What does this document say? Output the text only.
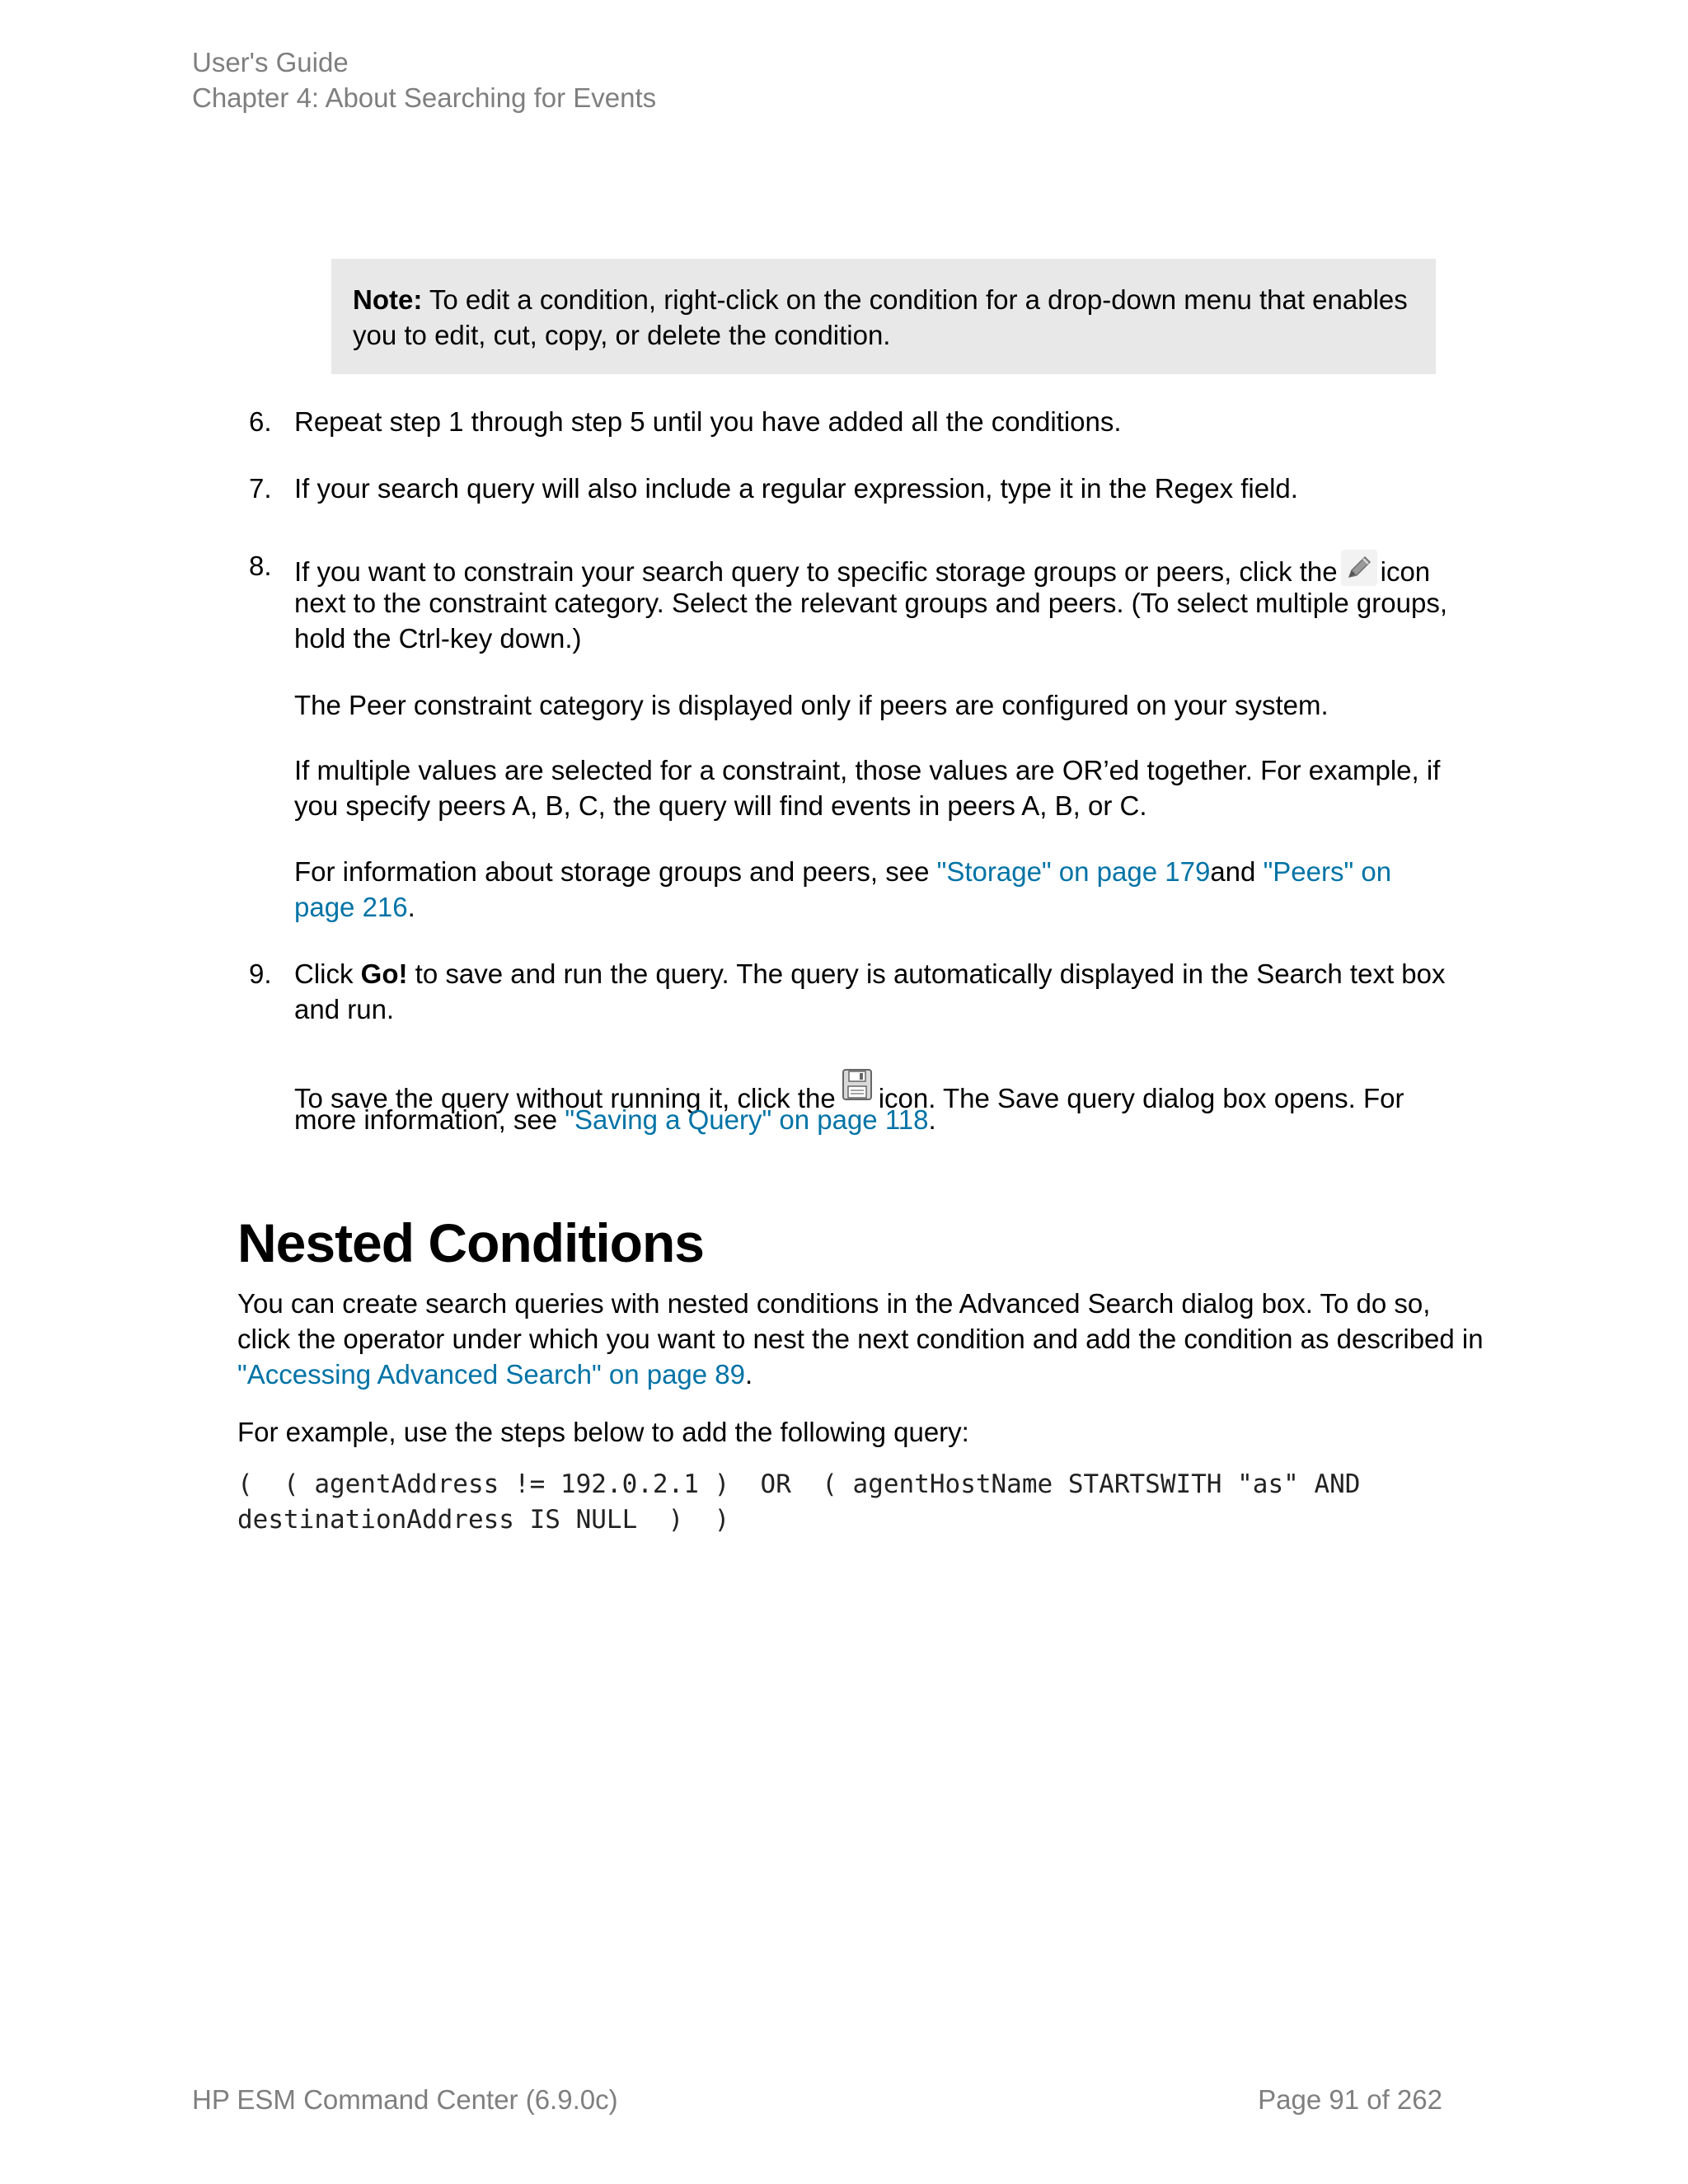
User's Guide
Chapter 4: About Searching for Events
Note: To edit a condition, right-click on the condition for a drop-down menu that enables
you to edit, cut, copy, or delete the condition.
6. Repeat step 1 through step 5 until you have added all the conditions.
7. If your search query will also include a regular expression, type it in the Regex field.
8. If you want to constrain your search query to specific storage groups or peers, click the icon
next to the constraint category. Select the relevant groups and peers. (To select multiple groups,
hold the Ctrl-key down.)
The Peer constraint category is displayed only if peers are configured on your system.
If multiple values are selected for a constraint, those values are OR’ed together. For example, if
you specify peers A, B, C, the query will find events in peers A, B, or C.
For information about storage groups and peers, see "Storage" on page 179and "Peers" on
page 216.
9. Click Go! to save and run the query. The query is automatically displayed in the Search text box
and run.
To save the query without running it, click the icon. The Save query dialog box opens. For
more information, see "Saving a Query" on page 118.
Nested Conditions
You can create search queries with nested conditions in the Advanced Search dialog box. To do so,
click the operator under which you want to nest the next condition and add the condition as described in
"Accessing Advanced Search" on page 89.
For example, use the steps below to add the following query:
(  ( agentAddress != 192.0.2.1 )  OR  ( agentHostName STARTSWITH "as" AND
destinationAddress IS NULL  )  )
HP ESM Command Center (6.9.0c)	Page 91 of 262
